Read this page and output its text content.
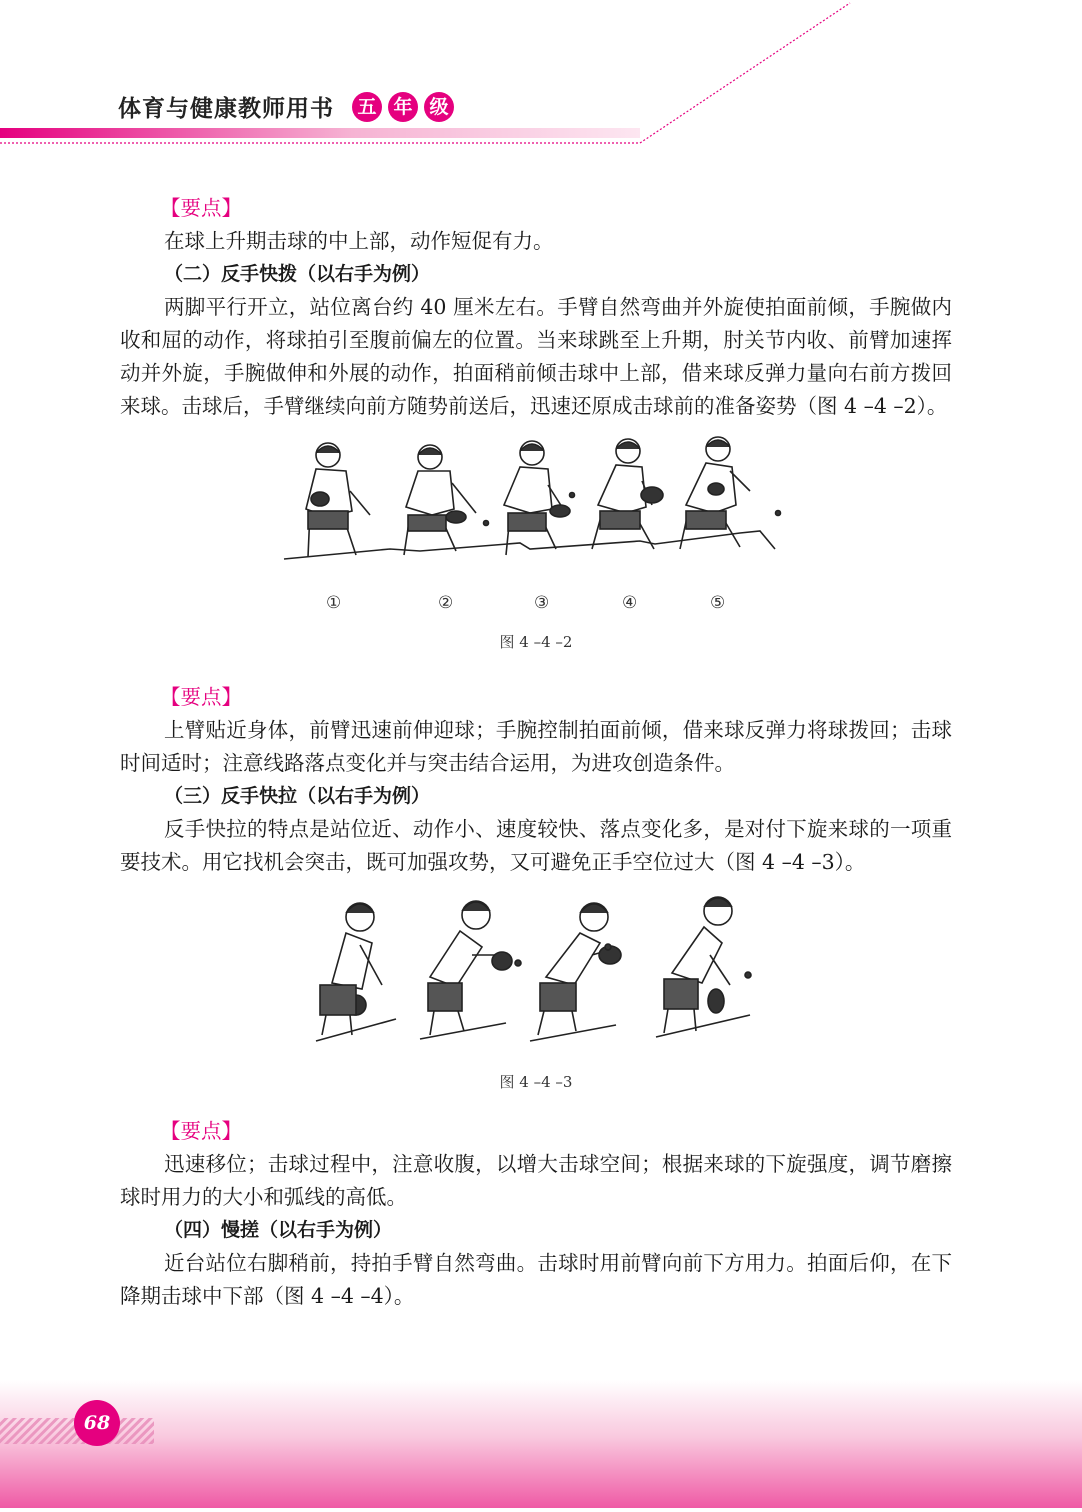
体育与健康教师用书 五 年 级
【要点】

在球上升期击球的中上部，动作短促有力。

（二）反手快拨（以右手为例）

两脚平行开立，站位离台约 40 厘米左右。手臂自然弯曲并外旋使拍面前倾，手腕做内收和屈的动作，将球拍引至腹前偏左的位置。当来球跳至上升期，肘关节内收、前臂加速挥动并外旋，手腕做伸和外展的动作，拍面稍前倾击球中上部，借来球反弹力量向右前方拨回来球。击球后，手臂继续向前方随势前送后，迅速还原成击球前的准备姿势（图 4 –4 –2）。

①	②	③	④	⑤
图 4 –4 –2
【要点】

上臂贴近身体，前臂迅速前伸迎球；手腕控制拍面前倾，借来球反弹力将球拨回；击球时间适时；注意线路落点变化并与突击结合运用，为进攻创造条件。

（三）反手快拉（以右手为例）

反手快拉的特点是站位近、动作小、速度较快、落点变化多，是对付下旋来球的一项重要技术。用它找机会突击，既可加强攻势，又可避免正手空位过大（图 4 –4 –3）。

图 4 –4 –3
【要点】

迅速移位；击球过程中，注意收腹，以增大击球空间；根据来球的下旋强度，调节磨擦球时用力的大小和弧线的高低。

（四）慢搓（以右手为例）

近台站位右脚稍前，持拍手臂自然弯曲。击球时用前臂向前下方用力。拍面后仰，在下降期击球中下部（图 4 –4 –4）。

68
